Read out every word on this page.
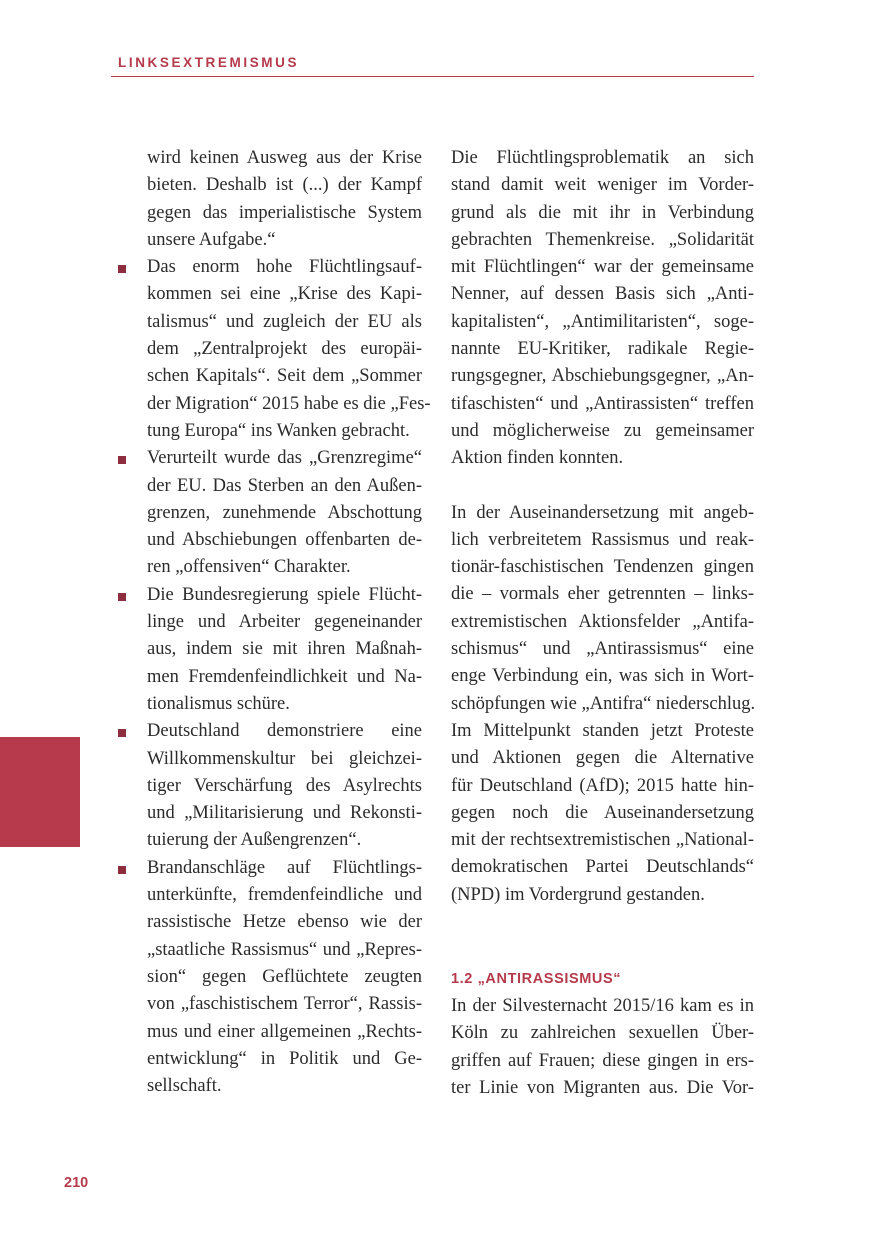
LINKSEXTREMISMUS

wird keinen Ausweg aus der Krise
bieten. Deshalb ist (...) der Kampf
gegen das imperialistische System
unsere Aufgabe.“

Das enorm hohe Flüchtlingsauf-
kommen sei eine „Krise des Kapi-
talismus“ und zugleich der EU als
dem „Zentralprojekt des europäi-
schen Kapitals“. Seit dem „Sommer
der Migration“ 2015 habe es die „Fes-
tung Europa“ ins Wanken gebracht.
Verurteilt wurde das „Grenzregime“
der EU. Das Sterben an den Außen-
grenzen, zunehmende Abschottung
und Abschiebungen offenbarten de-
ren „offensiven“ Charakter.
Die Bundesregierung spiele Flücht-
linge und Arbeiter gegeneinander
aus, indem sie mit ihren Maßnah-
men Fremdenfeindlichkeit und Na-
tionalismus schüre.
Deutschland demonstriere eine
Willkommenskultur bei gleichzei-
tiger Verschärfung des Asylrechts
und „Militarisierung und Rekonsti-
tuierung der Außengrenzen“.
Brandanschläge auf Flüchtlings-
unterkünfte, fremdenfeindliche und
rassistische Hetze ebenso wie der
„staatliche Rassismus“ und „Repres-
sion“ gegen Geflüchtete zeugten
von „faschistischem Terror“, Rassis-
mus und einer allgemeinen „Rechts-
entwicklung“ in Politik und Ge-
sellschaft.

Die Flüchtlingsproblematik an sich
stand damit weit weniger im Vorder-
grund als die mit ihr in Verbindung
gebrachten Themenkreise. „Solidarität
mit Flüchtlingen“ war der gemeinsame
Nenner, auf dessen Basis sich „Anti-
kapitalisten“, „Antimilitaristen“, soge-
nannte EU-Kritiker, radikale Regie-
rungsgegner, Abschiebungsgegner, „An-
tifaschisten“ und „Antirassisten“ treffen
und möglicherweise zu gemeinsamer
Aktion finden konnten.

In der Auseinandersetzung mit angeb-
lich verbreitetem Rassismus und reak-
tionär-faschistischen Tendenzen gingen
die – vormals eher getrennten – links-
extremistischen Aktionsfelder „Antifa-
schismus“ und „Antirassismus“ eine
enge Verbindung ein, was sich in Wort-
schöpfungen wie „Antifra“ niederschlug.
Im Mittelpunkt standen jetzt Proteste
und Aktionen gegen die Alternative
für Deutschland (AfD); 2015 hatte hin-
gegen noch die Auseinandersetzung
mit der rechtsextremistischen „National-
demokratischen Partei Deutschlands“
(NPD) im Vordergrund gestanden.

1.2 „ANTIRASSISMUS“

In der Silvesternacht 2015/16 kam es in
Köln zu zahlreichen sexuellen Über-
griffen auf Frauen; diese gingen in ers-
ter Linie von Migranten aus. Die Vor-

210
